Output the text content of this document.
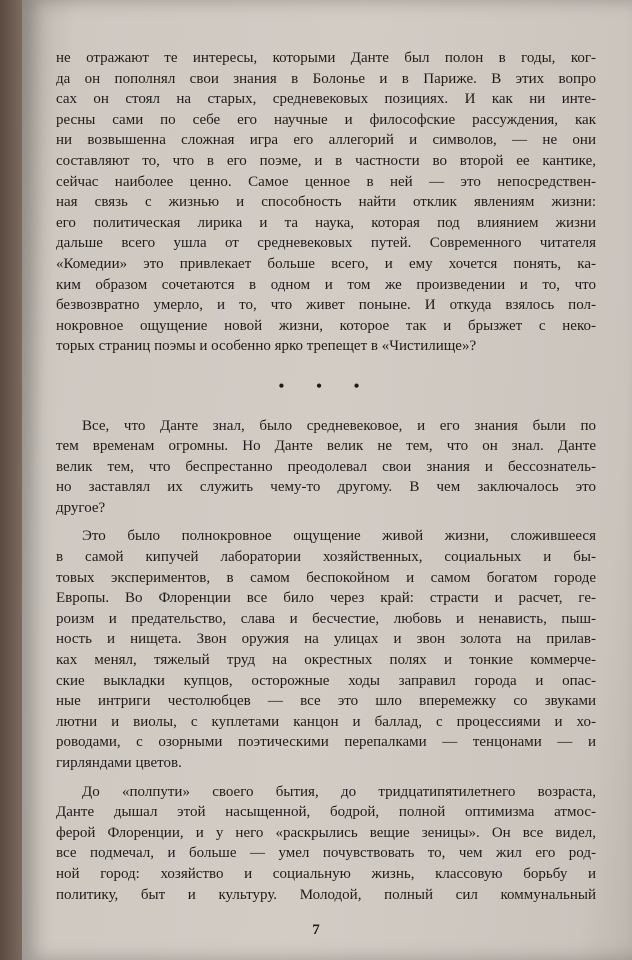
не отражают те интересы, которыми Данте был полон в годы, ког-
да он пополнял свои знания в Болонье и в Париже. В этих вопро
сах он стоял на старых, средневековых позициях. И как ни инте-
ресны сами по себе его научные и философские рассуждения, как
ни возвышенна сложная игра его аллегорий и символов, — не они
составляют то, что в его поэме, и в частности во второй ее кантике,
сейчас наиболее ценно. Самое ценное в ней — это непосредствен-
ная связь с жизнью и способность найти отклик явлениям жизни:
его политическая лирика и та наука, которая под влиянием жизни
дальше всего ушла от средневековых путей. Современного читателя
«Комедии» это привлекает больше всего, и ему хочется понять, ка-
ким образом сочетаются в одном и том же произведении и то, что
безвозвратно умерло, и то, что живет поныне. И откуда взялось пол-
нокровное ощущение новой жизни, которое так и брызжет с неко-
торых страниц поэмы и особенно ярко трепещет в «Чистилище»?
• • •
Все, что Данте знал, было средневековое, и его знания были по
тем временам огромны. Но Данте велик не тем, что он знал. Данте
велик тем, что беспрестанно преодолевал свои знания и бессознатель-
но заставлял их служить чему-то другому. В чем заключалось это
другое?
Это было полнокровное ощущение живой жизни, сложившееся
в самой кипучей лаборатории хозяйственных, социальных и бы-
товых экспериментов, в самом беспокойном и самом богатом городе
Европы. Во Флоренции все било через край: страсти и расчет, ге-
роизм и предательство, слава и бесчестие, любовь и ненависть, пыш-
ность и нищета. Звон оружия на улицах и звон золота на прилав-
ках менял, тяжелый труд на окрестных полях и тонкие коммерче-
ские выкладки купцов, осторожные ходы заправил города и опас-
ные интриги честолюбцев — все это шло вперемежку со звуками
лютни и виолы, с куплетами канцон и баллад, с процессиями и хо-
роводами, с озорными поэтическими перепалками — тенцонами — и
гирляндами цветов.
До «полпути» своего бытия, до тридцатипятилетнего возраста,
Данте дышал этой насыщенной, бодрой, полной оптимизма атмос-
ферой Флоренции, и у него «раскрылись вещие зеницы». Он все видел,
все подмечал, и больше — умел почувствовать то, чем жил его род-
ной город: хозяйство и социальную жизнь, классовую борьбу и
политику, быт и культуру. Молодой, полный сил коммунальный
7
